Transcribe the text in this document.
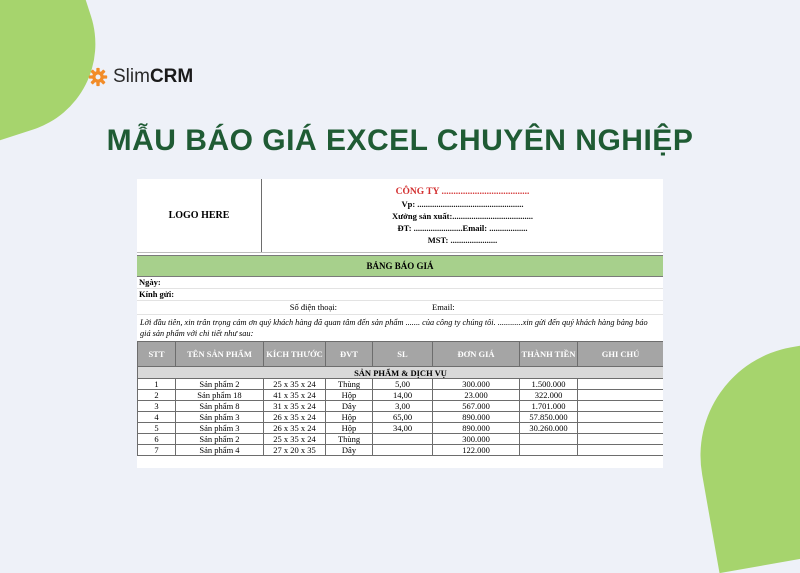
SlimCRM
MẪU BÁO GIÁ EXCEL CHUYÊN NGHIỆP
LOGO HERE
CÔNG TY .....................................
Vp: ..................................................
Xưởng sản xuất:......................................
ĐT: .......................Email: ..................
MST: ......................
BẢNG BÁO GIÁ
Ngày:
Kính gửi:
Số điện thoại:	Email:
Lời đầu tiên, xin trân trọng cảm ơn quý khách hàng đã quan tâm đến sản phẩm ....... của công ty chúng tôi. ............xin gửi đến quý khách hàng bảng báo giá sản phẩm với chi tiết như sau:
STT	TÊN SẢN PHẨM	KÍCH THƯỚC	ĐVT	SL	ĐƠN GIÁ	THÀNH TIỀN	GHI CHÚ
SẢN PHẨM & DỊCH VỤ							
1	Sản phẩm 2	25 x 35 x 24	Thùng	5,00	300.000	1.500.000	
2	Sản phẩm 18	41 x 35 x 24	Hộp	14,00	23.000	322.000	
3	Sản phẩm 8	31 x 35 x 24	Dây	3,00	567.000	1.701.000	
4	Sản phẩm 3	26 x 35 x 24	Hộp	65,00	890.000	57.850.000	
5	Sản phẩm 3	26 x 35 x 24	Hộp	34,00	890.000	30.260.000	
6	Sản phẩm 2	25 x 35 x 24	Thùng		300.000		
7	Sản phẩm 4	27 x 20 x 35	Dây		122.000		
